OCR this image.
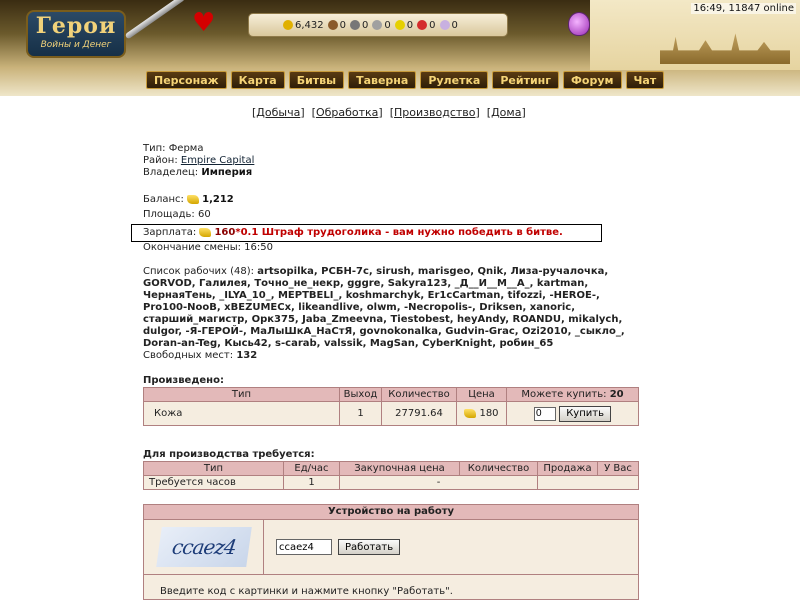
Герои
Войны и Денег
♥	6,432 0 0 0 0 0 0
16:49, 11847 online
Персонаж	Карта	Битвы	Таверна	Рулетка	Рейтинг	Форум	Чат
[Добыча] [Обработка] [Производство] [Дома]
Тип: Ферма
Район: Empire Capital
Владелец: Империя
Баланс: 1,212
Площадь: 60
Зарплата: 160*0.1 Штраф трудоголика - вам нужно победить в битве.
Окончание смены: 16:50
Список рабочих (48): artsopilka, РСБН-7с, sirush, marisgeo, Qnik, Лиза-ручалочка, GORVOD, Галилея, Точно_не_некр, gggre, Sakyra123, _Д__И__М__А_, kartman, ЧернаяТень, _ILYA_10_, MEPTBELI_, koshmarchyk, Er1cCartman, tifozzi, -HEROE-, Pro100-NooB, xBEZUMECx, likeandlive, olwm, -Necropolis-, Driksen, xanoric, старший_магистр, Орк375, Jaba_Zmeevna, Tiestobest, heyAndy, ROANDU, mikalych, dulgor, -Я-ГЕРОЙ-, МаЛыШкА_НаСтЯ, govnokonalka, Gudvin-Grac, Ozi2010, _сыкло_, Doran-an-Teg, Кысь42, s-carab, valssik, MagSan, CyberKnight, робин_65
Свободных мест: 132
Произведено:
Тип	Выход	Количество	Цена	Можете купить: 20
Кожа	1	27791.64	180	0Купить
Для производства требуется:
Тип	Ед/час	Закупочная цена	Количество	Продажа	У Вас
Требуется часов	1	-			
Устройство на работу
ccaez4
ccaez4	Работать
Введите код с картинки и нажмите кнопку "Работать".
